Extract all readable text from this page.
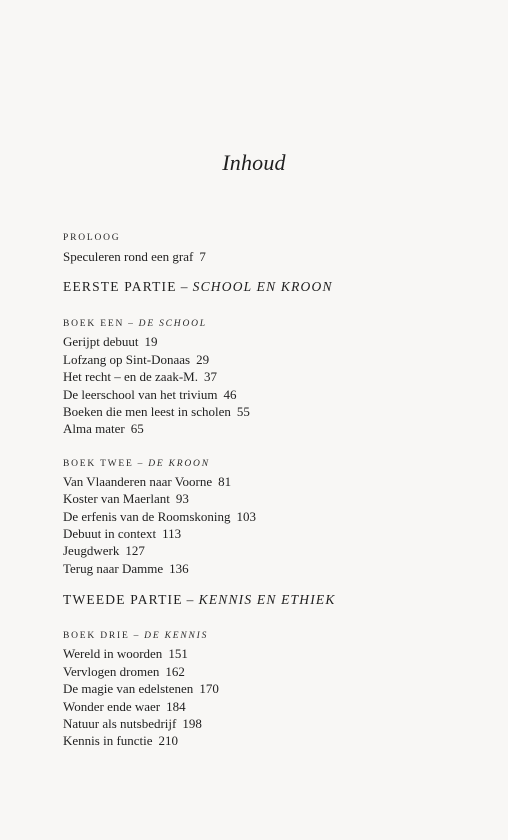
Inhoud
PROLOOG
Speculeren rond een graf 7
EERSTE PARTIE – SCHOOL EN KROON
BOEK EEN – DE SCHOOL
Gerijpt debuut 19
Lofzang op Sint-Donaas 29
Het recht – en de zaak-M. 37
De leerschool van het trivium 46
Boeken die men leest in scholen 55
Alma mater 65
BOEK TWEE – DE KROON
Van Vlaanderen naar Voorne 81
Koster van Maerlant 93
De erfenis van de Roomskoning 103
Debuut in context 113
Jeugdwerk 127
Terug naar Damme 136
TWEEDE PARTIE – KENNIS EN ETHIEK
BOEK DRIE – DE KENNIS
Wereld in woorden 151
Vervlogen dromen 162
De magie van edelstenen 170
Wonder ende waer 184
Natuur als nutsbedrijf 198
Kennis in functie 210
